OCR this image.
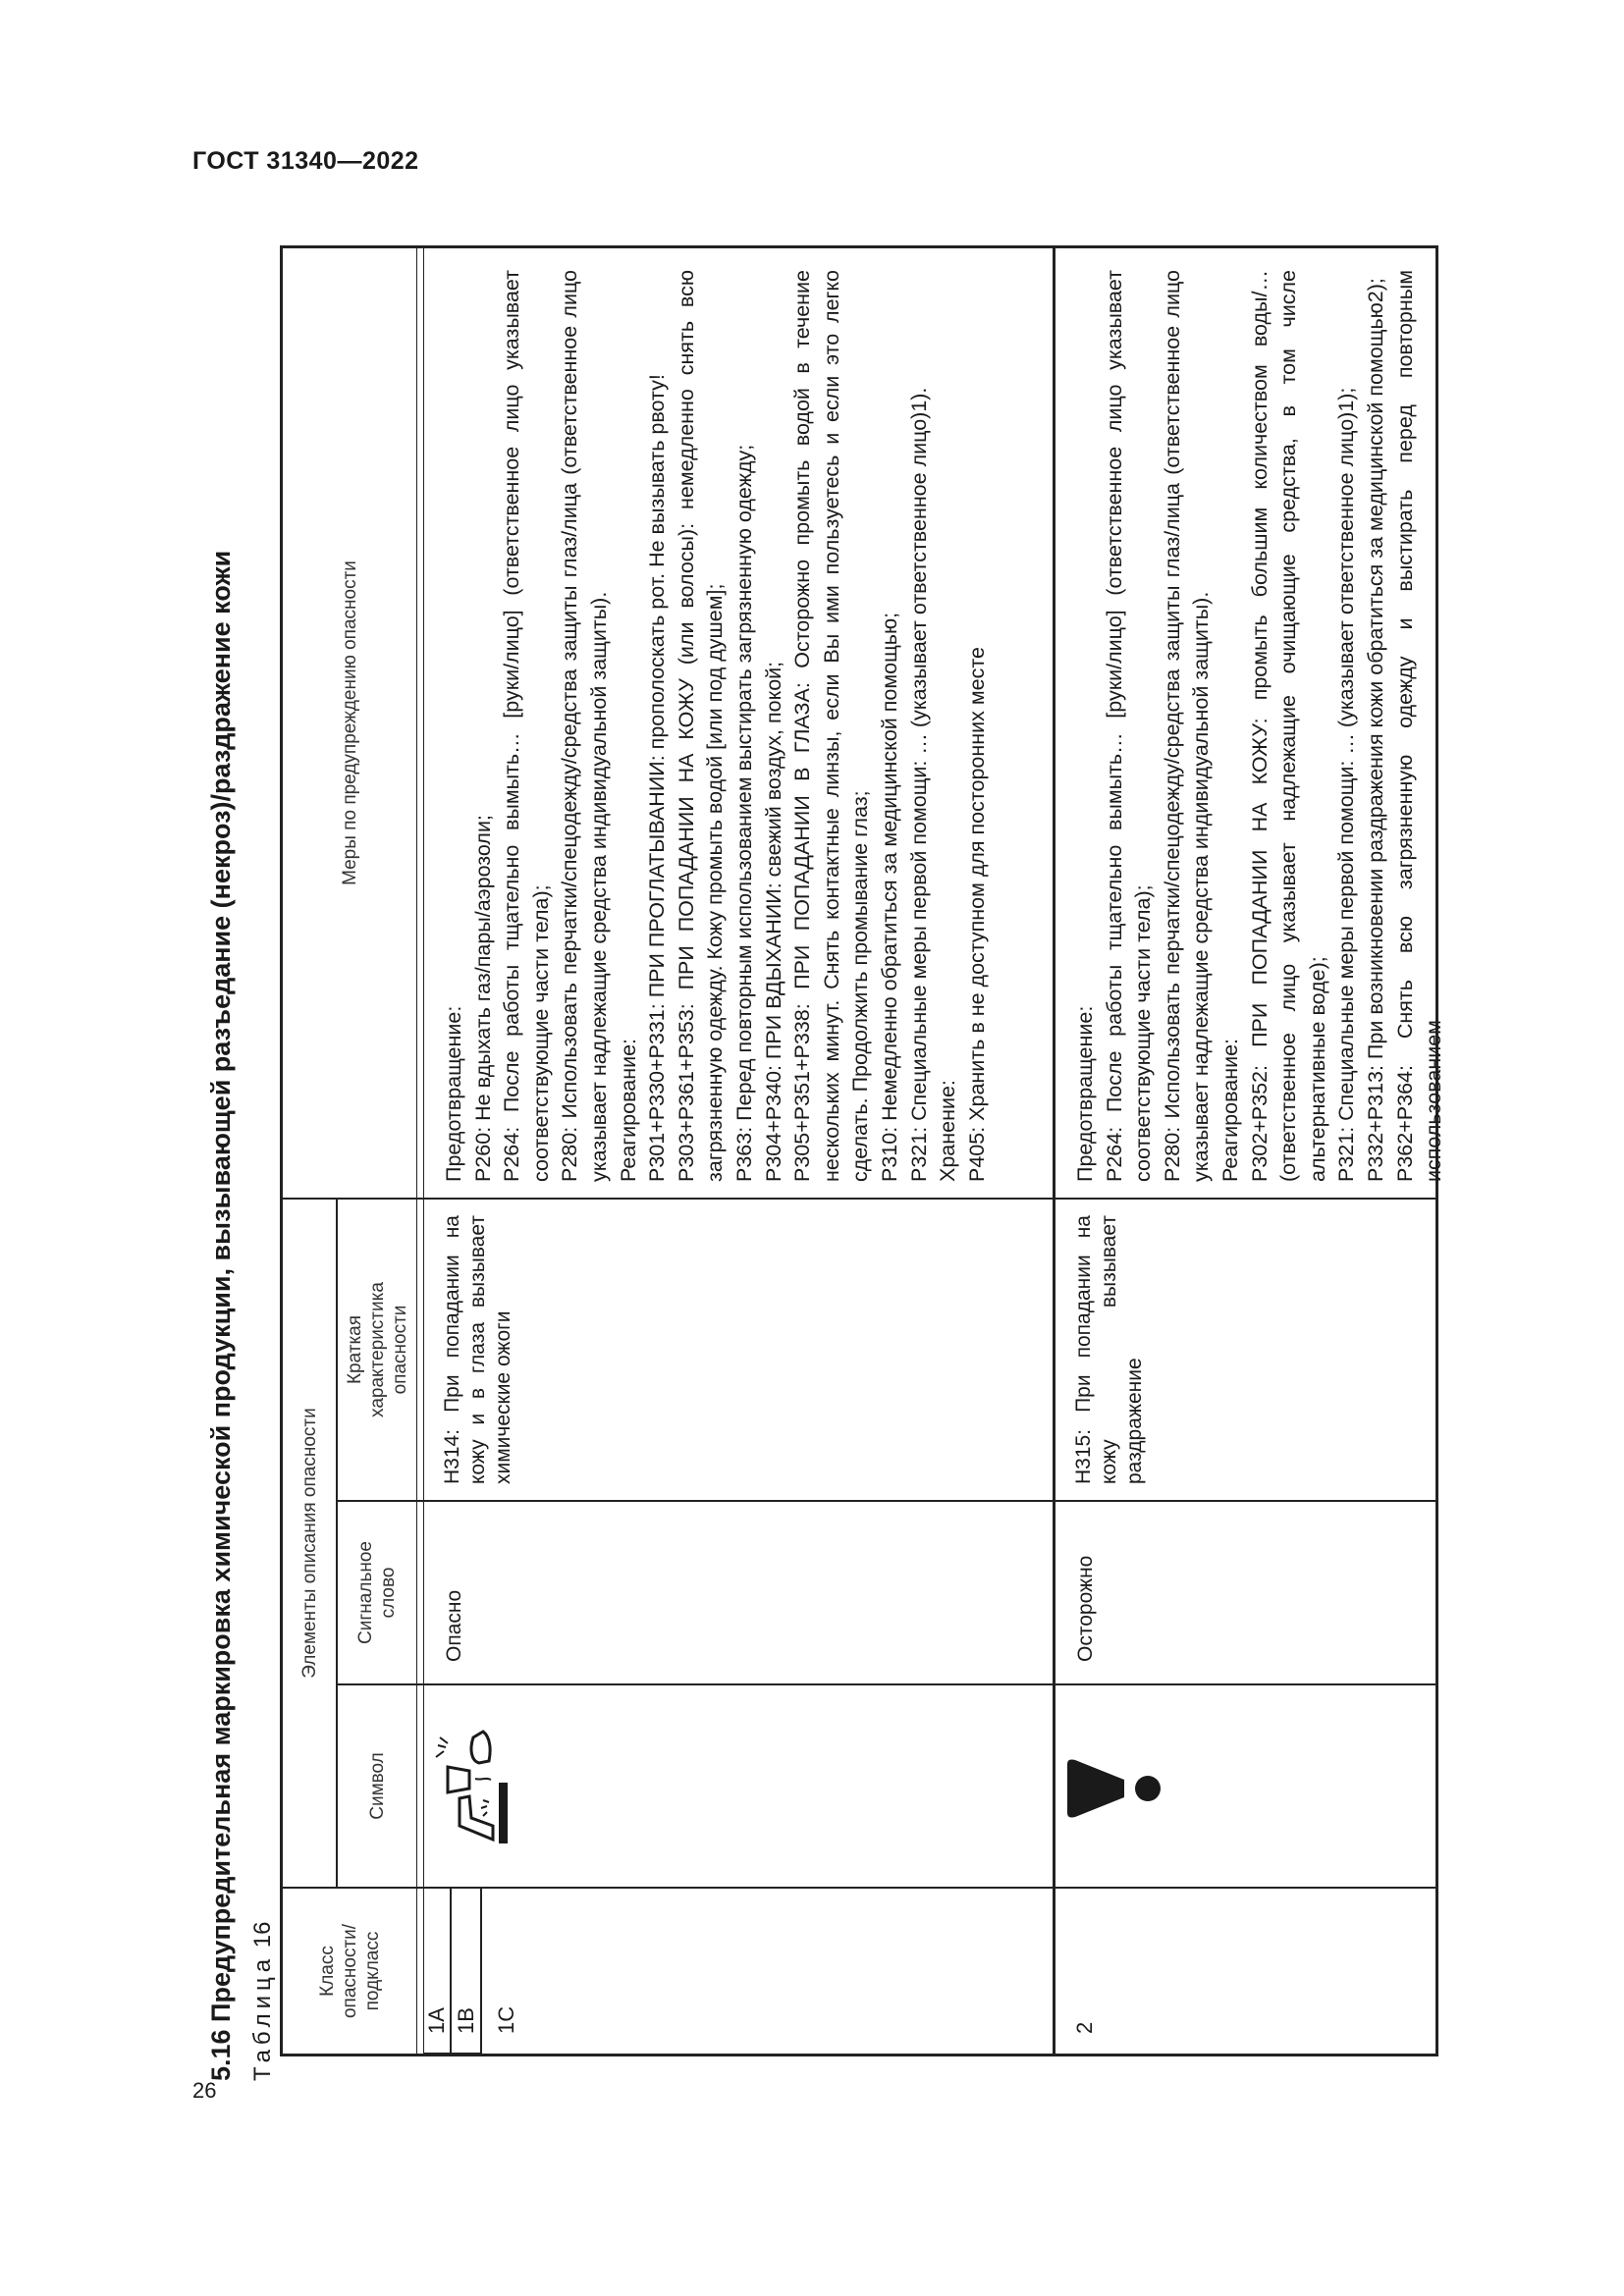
ГОСТ 31340—2022
26
5.16 Предупредительная маркировка химической продукции, вызывающей разъедание (некроз)/раздражение кожи Таблица 16
Класс опасности/ подкласс
Элементы описания опасности
Символ
Сигнальное слово
Краткая характеристика опасности
Меры по предупреждению опасности
1A 1B 1C
Опасно
H314: При попадании на кожу и в глаза вызывает химические ожоги

Предотвращение: P260: Не вдыхать газ/пары/аэрозоли; P264: После работы тщательно вымыть… [руки/лицо] (ответственное лицо указывает соответствующие части тела); P280: Использовать перчатки/спецодежду/средства защиты глаз/лица (ответственное лицо указывает надлежащие средства индивидуальной защиты). Реагирование: P301+P330+P331: ПРИ ПРОГЛАТЫВАНИИ: прополоскать рот. Не вызывать рвоту! P303+P361+P353: ПРИ ПОПАДАНИИ НА КОЖУ (или волосы): немедленно снять всю загрязненную одежду. Кожу промыть водой [или под душем]; P363: Перед повторным использованием выстирать загрязненную одежду; P304+P340: ПРИ ВДЫХАНИИ: свежий воздух, покой; P305+P351+P338: ПРИ ПОПАДАНИИ В ГЛАЗА: Осторожно промыть водой в течение нескольких минут. Снять контактные линзы, если Вы ими пользуетесь и если это легко сделать. Продолжить промывание глаз; P310: Немедленно обратиться за медицинской помощью; P321: Специальные меры первой помощи: … (указывает ответственное лицо)1). Хранение: P405: Хранить в не доступном для посторонних месте

2
Осторожно
H315: При попадании на кожу вызывает раздражение

Предотвращение: P264: После работы тщательно вымыть… [руки/лицо] (ответственное лицо указывает соответствующие части тела); P280: Использовать перчатки/спецодежду/средства защиты глаз/лица (ответственное лицо указывает надлежащие средства индивидуальной защиты). Реагирование: P302+P352: ПРИ ПОПАДАНИИ НА КОЖУ: промыть большим количеством воды/… (ответственное лицо указывает надлежащие очищающие средства, в том числе альтернативные воде); P321: Специальные меры первой помощи: … (указывает ответственное лицо)1); P332+P313: При возникновении раздражения кожи обратиться за медицинской помощью2); P362+P364: Снять всю загрязненную одежду и выстирать перед повторным использованием
